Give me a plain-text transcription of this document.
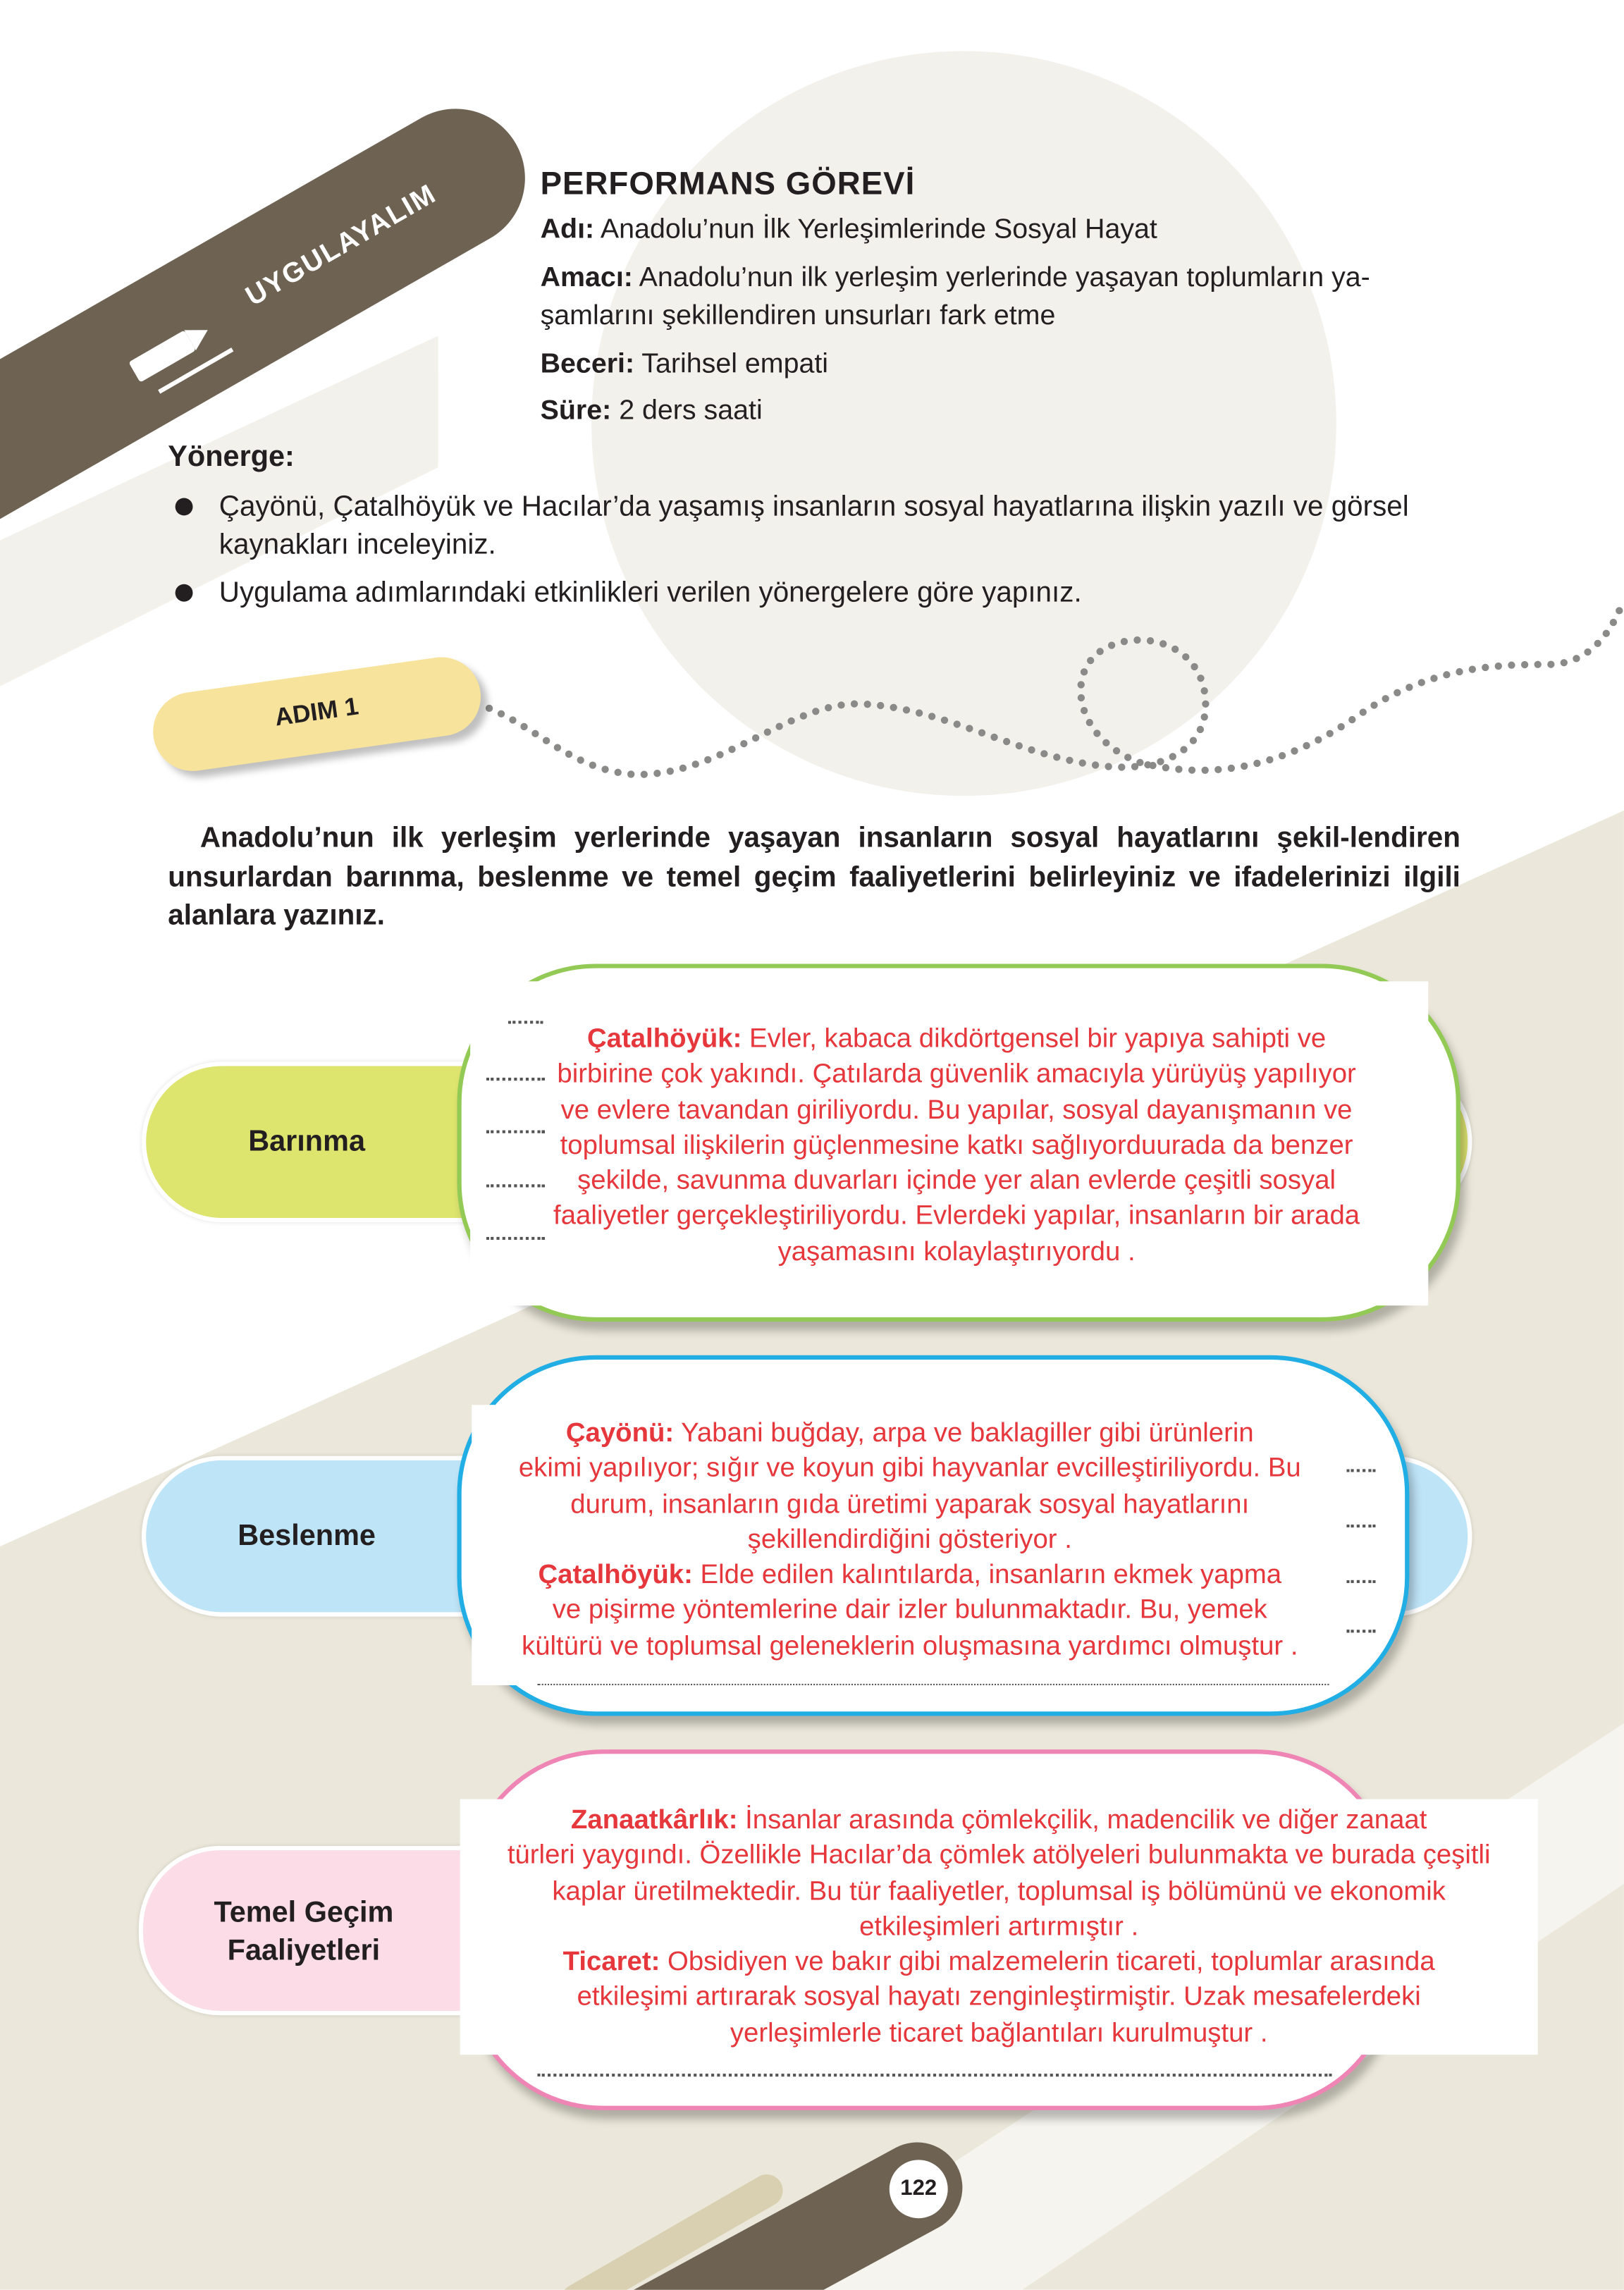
UYGULAYALIM	PERFORMANS GÖREVİ
Adı: Anadolu’nun İlk Yerleşimlerinde Sosyal Hayat
Amacı: Anadolu’nun ilk yerleşim yerlerinde yaşayan toplumların ya-
şamlarını şekillendiren unsurları fark etme
Beceri: Tarihsel empati
Süre: 2 ders saati
Yönerge:
Çayönü, Çatalhöyük ve Hacılar’da yaşamış insanların sosyal hayatlarına ilişkin yazılı ve görsel kaynakları inceleyiniz.
Uygulama adımlarındaki etkinlikleri verilen yönergelere göre yapınız.
ADIM 1
Anadolu’nun ilk yerleşim yerlerinde yaşayan insanların sosyal hayatlarını şekil-lendiren unsurlardan barınma, beslenme ve temel geçim faaliyetlerini belirleyiniz ve ifadelerinizi ilgili alanlara yazınız.
Barınma
Çatalhöyük: Evler, kabaca dikdörtgensel bir yapıya sahipti ve
birbirine çok yakındı. Çatılarda güvenlik amacıyla yürüyüş yapılıyor
ve evlere tavandan giriliyordu. Bu yapılar, sosyal dayanışmanın ve
toplumsal ilişkilerin güçlenmesine katkı sağlıyorduurada da benzer
şekilde, savunma duvarları içinde yer alan evlerde çeşitli sosyal
faaliyetler gerçekleştiriliyordu. Evlerdeki yapılar, insanların bir arada
yaşamasını kolaylaştırıyordu .
Beslenme
Çayönü: Yabani buğday, arpa ve baklagiller gibi ürünlerin
ekimi yapılıyor; sığır ve koyun gibi hayvanlar evcilleştiriliyordu. Bu
durum, insanların gıda üretimi yaparak sosyal hayatlarını
şekillendirdiğini gösteriyor .
Çatalhöyük: Elde edilen kalıntılarda, insanların ekmek yapma
ve pişirme yöntemlerine dair izler bulunmaktadır. Bu, yemek
kültürü ve toplumsal geleneklerin oluşmasına yardımcı olmuştur .
Temel Geçim
Faaliyetleri
Zanaatkârlık: İnsanlar arasında çömlekçilik, madencilik ve diğer zanaat
türleri yaygındı. Özellikle Hacılar’da çömlek atölyeleri bulunmakta ve burada çeşitli
kaplar üretilmektedir. Bu tür faaliyetler, toplumsal iş bölümünü ve ekonomik
etkileşimleri artırmıştır .
Ticaret: Obsidiyen ve bakır gibi malzemelerin ticareti, toplumlar arasında
etkileşimi artırarak sosyal hayatı zenginleştirmiştir. Uzak mesafelerdeki
yerleşimlerle ticaret bağlantıları kurulmuştur .
122
